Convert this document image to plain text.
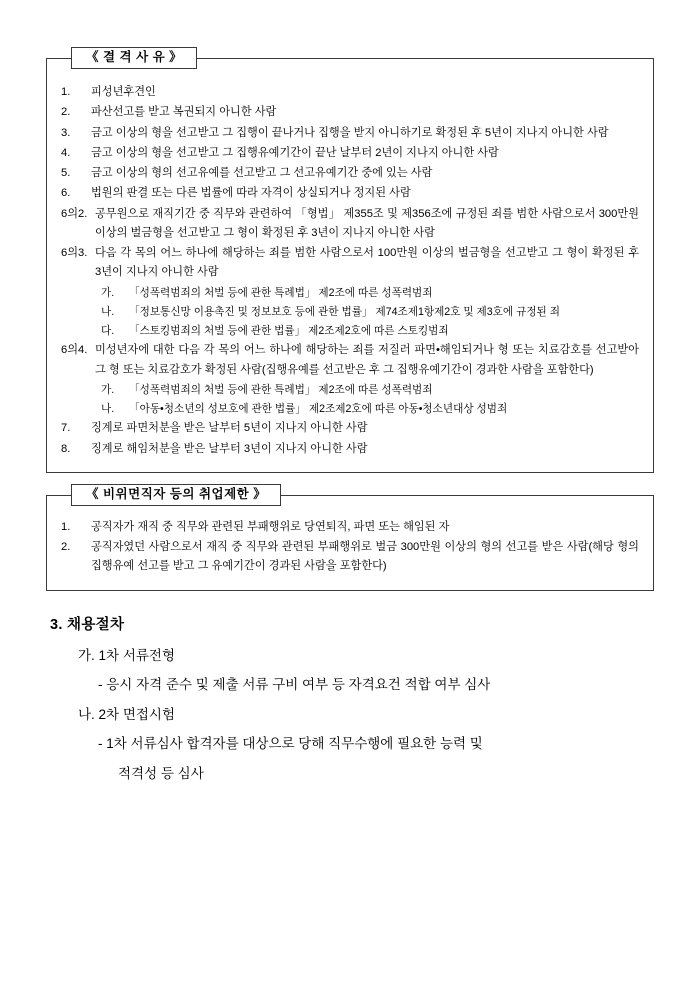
《 결 격 사 유 》
1.	피성년후견인
2.	파산선고를 받고 복권되지 아니한 사람
3.	금고 이상의 형을 선고받고 그 집행이 끝나거나 집행을 받지 아니하기로 확정된 후 5년이 지나지 아니한 사람
4.	금고 이상의 형을 선고받고 그 집행유예기간이 끝난 날부터 2년이 지나지 아니한 사람
5.	금고 이상의 형의 선고유예를 선고받고 그 선고유예기간 중에 있는 사람
6.	법원의 판결 또는 다른 법률에 따라 자격이 상실되거나 정지된 사람
6의2. 공무원으로 재직기간 중 직무와 관련하여 「형법」 제355조 및 제356조에 규정된 죄를 범한 사람으로서 300만원 이상의 벌금형을 선고받고 그 형이 확정된 후 3년이 지나지 아니한 사람
6의3. 다음 각 목의 어느 하나에 해당하는 죄를 범한 사람으로서 100만원 이상의 벌금형을 선고받고 그 형이 확정된 후 3년이 지나지 아니한 사람
가.	「성폭력범죄의 처벌 등에 관한 특례법」 제2조에 따른 성폭력범죄
나.	「정보통신망 이용촉진 및 정보보호 등에 관한 법률」 제74조제1항제2호 및 제3호에 규정된 죄
다.	「스토킹범죄의 처벌 등에 관한 법률」 제2조제2호에 따른 스토킹범죄
6의4. 미성년자에 대한 다음 각 목의 어느 하나에 해당하는 죄를 저질러 파면•해임되거나 형 또는 치료감호를 선고받아 그 형 또는 치료감호가 확정된 사람(집행유예를 선고받은 후 그 집행유예기간이 경과한 사람을 포함한다)
가.	「성폭력범죄의 처벌 등에 관한 특례법」 제2조에 따른 성폭력범죄
나.	「아동•청소년의 성보호에 관한 법률」 제2조제2호에 따른 아동•청소년대상 성범죄
7.	징계로 파면처분을 받은 날부터 5년이 지나지 아니한 사람
8.	징계로 해임처분을 받은 날부터 3년이 지나지 아니한 사람
《 비위면직자 등의 취업제한 》
1.	공직자가 재직 중 직무와 관련된 부패행위로 당연퇴직, 파면 또는 해임된 자
2.	공직자였던 사람으로서 재직 중 직무와 관련된 부패행위로 벌금 300만원 이상의 형의 선고를 받은 사람(해당 형의 집행유예 선고를 받고 그 유예기간이 경과된 사람을 포함한다)
3. 채용절차
가. 1차 서류전형
- 응시 자격 준수 및 제출 서류 구비 여부 등 자격요건 적합 여부 심사
나. 2차 면접시험
- 1차 서류심사 합격자를 대상으로 당해 직무수행에 필요한 능력 및
적격성 등 심사
